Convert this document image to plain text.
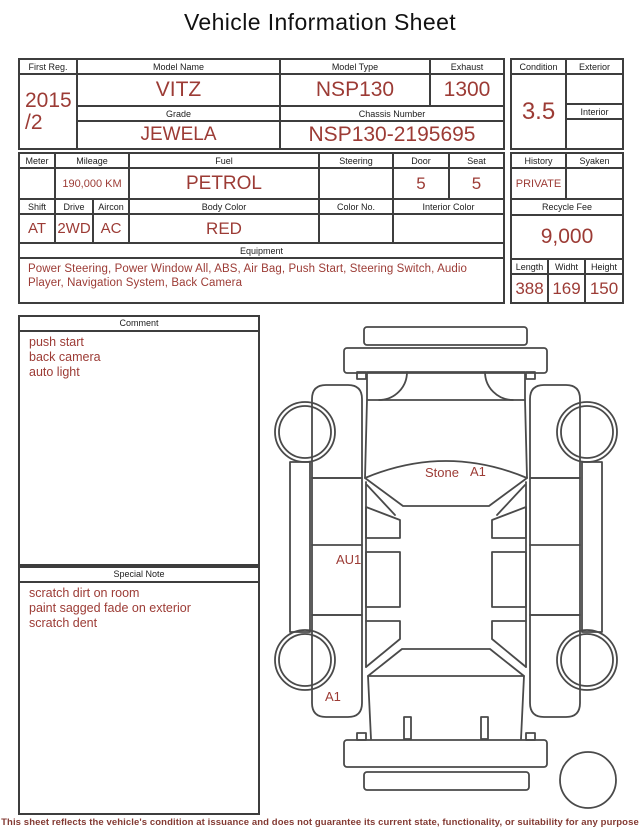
Vehicle Information Sheet
First Reg.	Model Name	Model Type	Exhaust

2015
/2	VITZ	NSP130	1300
	Grade	Chassis Number	
	JEWELA	NSP130-2195695	
Condition	Exterior
3.5	
	Interior

Meter	Mileage		Fuel	Steering	Door	Seat
	190,000 KM		PETROL		5	5
Shift	Drive	Aircon	Body Color	Color No.	Interior Color	
AT	2WD	AC	RED			
Equipment						
Power Steering, Power Window All, ABS, Air Bag, Push Start, Steering Switch, Audio Player, Navigation System, Back Camera						
History		Syaken	
PRIVATE			
Recycle Fee			
9,000			
Length	Widht		Height
388	169		150
Comment
push start
back camera
auto light
Special Note
scratch dirt on room
paint sagged fade on exterior
scratch dent
Stone A1
AU1
A1
This sheet reflects the vehicle's condition at issuance and does not guarantee its current state, functionality, or suitability for any purpose
